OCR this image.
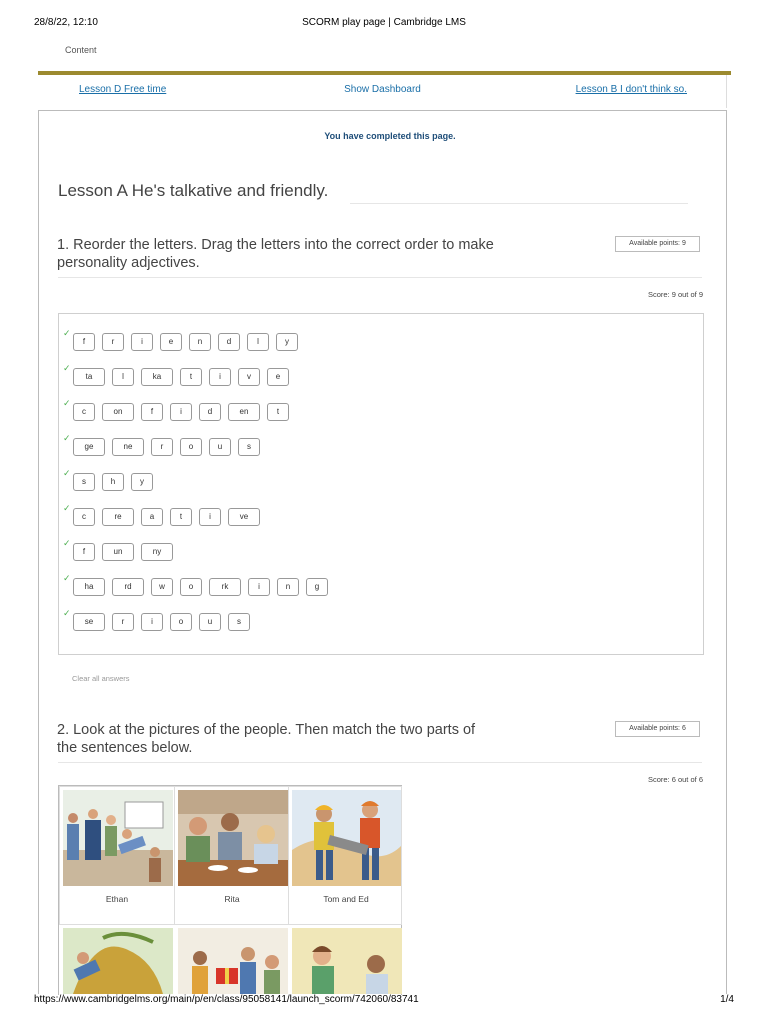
28/8/22, 12:10	SCORM play page | Cambridge LMS
Content
Lesson D Free time	Show Dashboard	Lesson B I don't think so.
You have completed this page.
Lesson A He's talkative and friendly.
1. Reorder the letters. Drag the letters into the correct order to make personality adjectives.
Available points: 9
Score: 9 out of 9
✓
f	r	i	e	n	d	l	y
✓
ta	l	ka	t	i	v	e
✓
c	on	f	i	d	en	t
✓
ge	ne	r	o	u	s
✓
s	h	y
✓
c	re	a	t	i	ve
✓
f	un	ny
✓
ha	rd	w	o	rk	i	n	g
✓
se	r	i	o	u	s
Clear all answers
2. Look at the pictures of the people. Then match the two parts of the sentences below.
Available points: 6
Score: 6 out of 6
Ethan	Rita	Tom and Ed
https://www.cambridgelms.org/main/p/en/class/95058141/launch_scorm/742060/83741	1/4
